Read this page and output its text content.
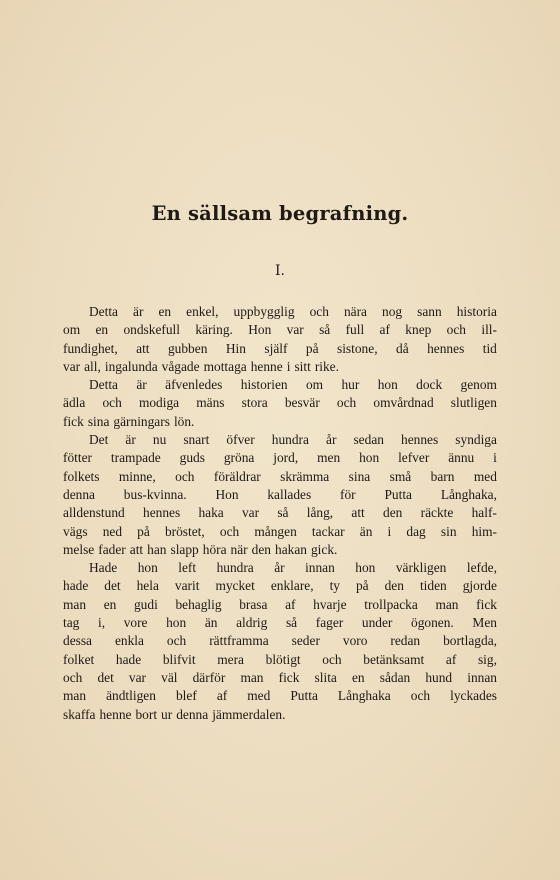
En sällsam begrafning.
I.
Detta är en enkel, uppbygglig och nära nog sann historia
om en ondskefull käring. Hon var så full af knep och ill-
fundighet, att gubben Hin själf på sistone, då hennes tid
var all, ingalunda vågade mottaga henne i sitt rike.
Detta är äfvenledes historien om hur hon dock genom
ädla och modiga mäns stora besvär och omvårdnad slutligen
fick sina gärningars lön.
Det är nu snart öfver hundra år sedan hennes syndiga
fötter trampade guds gröna jord, men hon lefver ännu i
folkets minne, och föräldrar skrämma sina små barn med
denna bus-kvinna. Hon kallades för Putta Långhaka,
alldenstund hennes haka var så lång, att den räckte half-
vägs ned på bröstet, och mången tackar än i dag sin him-
melse fader att han slapp höra när den hakan gick.
Hade hon left hundra år innan hon värkligen lefde,
hade det hela varit mycket enklare, ty på den tiden gjorde
man en gudi behaglig brasa af hvarje trollpacka man fick
tag i, vore hon än aldrig så fager under ögonen. Men
dessa enkla och rättframma seder voro redan bortlagda,
folket hade blifvit mera blötigt och betänksamt af sig,
och det var väl därför man fick slita en sådan hund innan
man ändtligen blef af med Putta Långhaka och lyckades
skaffa henne bort ur denna jämmerdalen.
